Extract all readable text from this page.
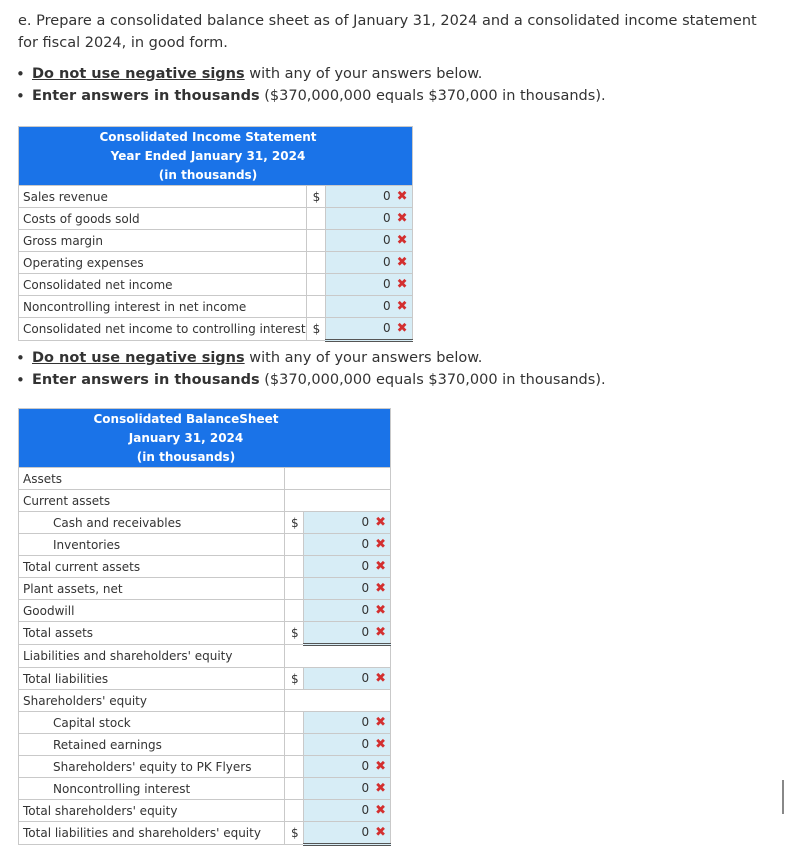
e. Prepare a consolidated balance sheet as of January 31, 2024 and a consolidated income statement for fiscal 2024, in good form.
• Do not use negative signs with any of your answers below.
• Enter answers in thousands ($370,000,000 equals $370,000 in thousands).
Consolidated Income Statement
Year Ended January 31, 2024
(in thousands)		

Sales revenue	$	0 ✖
Costs of goods sold		0 ✖
Gross margin		0 ✖
Operating expenses		0 ✖
Consolidated net income		0 ✖
Noncontrolling interest in net income		0 ✖
Consolidated net income to controlling interest	$	0 ✖
• Do not use negative signs with any of your answers below.
• Enter answers in thousands ($370,000,000 equals $370,000 in thousands).
Consolidated BalanceSheet
January 31, 2024
(in thousands)		

Assets		
Current assets		
Cash and receivables	$	0 ✖
Inventories		0 ✖
Total current assets		0 ✖
Plant assets, net		0 ✖
Goodwill		0 ✖
Total assets	$	0 ✖
Liabilities and shareholders' equity		
Total liabilities	$	0 ✖
Shareholders' equity		
Capital stock		0 ✖
Retained earnings		0 ✖
Shareholders' equity to PK Flyers		0 ✖
Noncontrolling interest		0 ✖
Total shareholders' equity		0 ✖
Total liabilities and shareholders' equity	$	0 ✖
